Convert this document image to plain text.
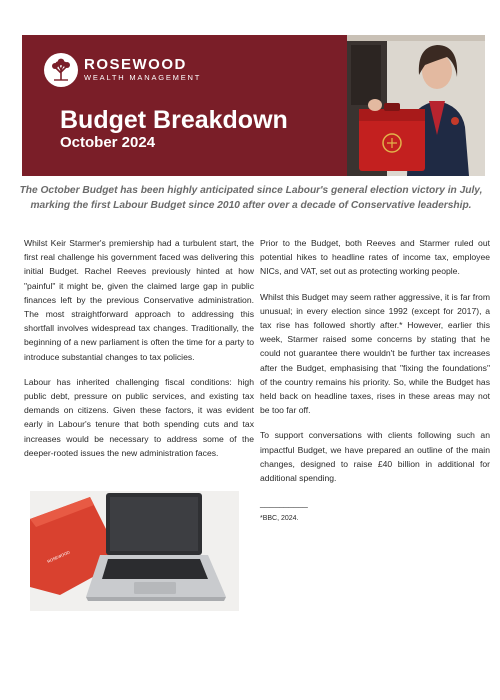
ROSEWOOD
WEALTH MANAGEMENT
Budget Breakdown
October 2024
The October Budget has been highly anticipated since Labour's general election victory in July, marking the first Labour Budget since 2010 after over a decade of Conservative leadership.

Whilst Keir Starmer's premiership had a turbulent start, the first real challenge his government faced was delivering this initial Budget. Rachel Reeves previously hinted at how "painful" it might be, given the claimed large gap in public finances left by the previous Conservative administration. The most straightforward approach to addressing this shortfall involves widespread tax changes. Traditionally, the beginning of a new parliament is often the time for a party to introduce substantial changes to tax policies.

Labour has inherited challenging fiscal conditions: high public debt, pressure on public services, and existing tax demands on citizens. Given these factors, it was evident early in Labour's tenure that both spending cuts and tax increases would be necessary to address some of the deeper-rooted issues the new administration faces.

Prior to the Budget, both Reeves and Starmer ruled out potential hikes to headline rates of income tax, employee NICs, and VAT, set out as protecting working people.

Whilst this Budget may seem rather aggressive, it is far from unusual; in every election since 1992 (except for 2017), a tax rise has followed shortly after.* However, earlier this week, Starmer raised some concerns by stating that he could not guarantee there wouldn't be further tax increases after the Budget, emphasising that "fixing the foundations" of the country remains his priority. So, while the Budget has held back on headline taxes, rises in these areas may not be too far off.

To support conversations with clients following such an impactful Budget, we have prepared an outline of the main changes, designed to raise £40 billion in additional for additional spending.

__________
*BBC, 2024.
ROSEWOOD
